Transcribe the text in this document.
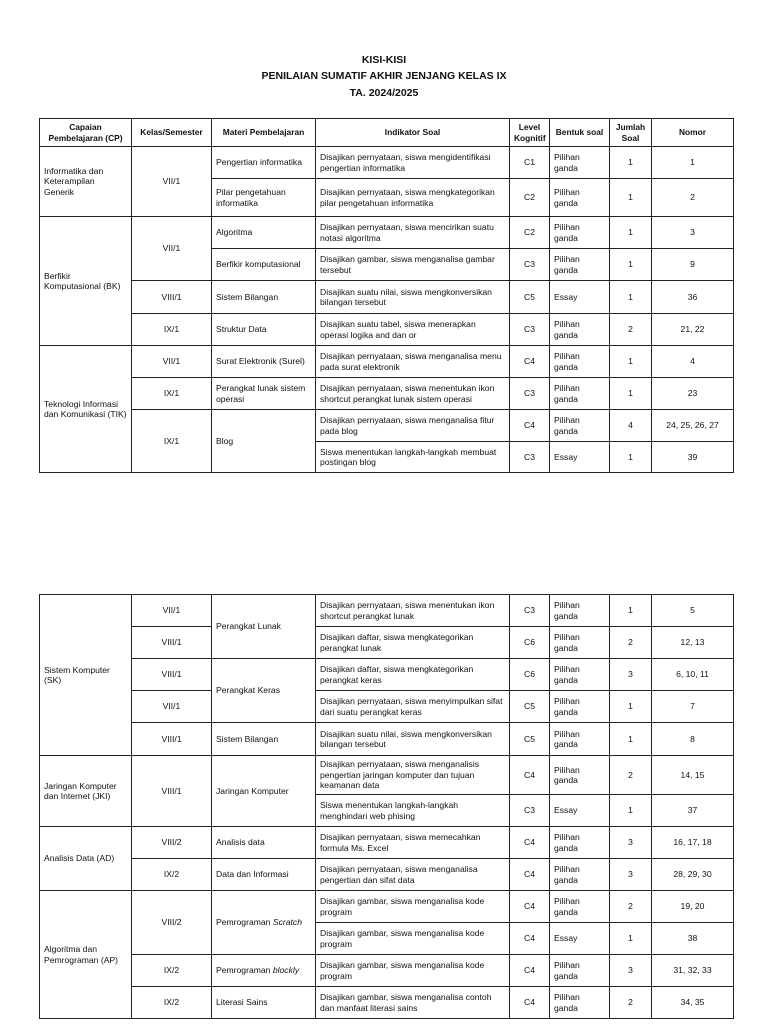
KISI-KISI
PENILAIAN SUMATIF AKHIR JENJANG KELAS IX
TA. 2024/2025
Capaian Pembelajaran (CP)	Kelas/Semester	Materi Pembelajaran	Indikator Soal	Level Kognitif	Bentuk soal	Jumlah Soal	Nomor
Informatika dan Keterampilan Generik	VII/1	Pengertian informatika	Disajikan pernyataan, siswa mengidentifikasi pengertian informatika	C1	Pilihan ganda	1	1
		Pilar pengetahuan informatika	Disajikan pernyataan, siswa mengkategorikan pilar pengetahuan informatika	C2	Pilihan ganda	1	2
Berfikir Komputasional (BK)	VII/1	Algoritma	Disajikan pernyataan, siswa mencirikan suatu notasi algoritma	C2	Pilihan ganda	1	3
		Berfikir komputasional	Disajikan gambar, siswa menganalisa gambar tersebut	C3	Pilihan ganda	1	9
	VIII/1	Sistem Bilangan	Disajikan suatu nilai, siswa mengkonversikan bilangan tersebut	C5	Essay	1	36
	IX/1	Struktur Data	Disajikan suatu tabel, siswa menerapkan operasi logika and dan or	C3	Pilihan ganda	2	21, 22
Teknologi Informasi dan Komunikasi (TIK)	VII/1	Surat Elektronik (Surel)	Disajikan pernyataan, siswa menganalisa menu pada surat elektronik	C4	Pilihan ganda	1	4
	IX/1	Perangkat lunak sistem operasi	Disajikan pernyataan, siswa menentukan ikon shortcut perangkat lunak sistem operasi	C3	Pilihan ganda	1	23
	IX/1	Blog	Disajikan pernyataan, siswa menganalisa fitur pada blog	C4	Pilihan ganda	4	24, 25, 26, 27
			Siswa menentukan langkah-langkah membuat postingan blog	C3	Essay	1	39
Sistem Komputer (SK)	VII/1	Perangkat Lunak	Disajikan pernyataan, siswa menentukan ikon shortcut perangkat lunak	C3	Pilihan ganda	1	5
	VIII/1		Disajikan daftar, siswa mengkategorikan perangkat lunak	C6	Pilihan ganda	2	12, 13
	VIII/1	Perangkat Keras	Disajikan daftar, siswa mengkategorikan perangkat keras	C6	Pilihan ganda	3	6, 10, 11
	VII/1		Disajikan pernyataan, siswa menyimpulkan sifat dari suatu perangkat keras	C5	Pilihan ganda	1	7
	VIII/1	Sistem Bilangan	Disajikan suatu nilai, siswa mengkonversikan bilangan tersebut	C5	Pilihan ganda	1	8
Jaringan Komputer dan Internet (JKI)	VIII/1	Jaringan Komputer	Disajikan pernyataan, siswa menganalisis pengertian jaringan komputer dan tujuan keamanan data	C4	Pilihan ganda	2	14, 15
			Siswa menentukan langkah-langkah menghindari web phising	C3	Essay	1	37
Analisis Data (AD)	VIII/2	Analisis data	Disajikan pernyataan, siswa memecahkan formula Ms. Excel	C4	Pilihan ganda	3	16, 17, 18
	IX/2	Data dan Informasi	Disajikan pernyataan, siswa menganalisa pengertian dan sifat data	C4	Pilihan ganda	3	28, 29, 30
Algoritma dan Pemrograman (AP)	VIII/2	Pemrograman Scratch	Disajikan gambar, siswa menganalisa kode program	C4	Pilihan ganda	2	19, 20
			Disajikan gambar, siswa menganalisa kode program	C4	Essay	1	38
	IX/2	Pemrograman blockly	Disajikan gambar, siswa menganalisa kode program	C4	Pilihan ganda	3	31, 32, 33
	IX/2	Literasi Sains	Disajikan gambar, siswa menganalisa contoh dan manfaat literasi sains	C4	Pilihan ganda	2	34, 35
